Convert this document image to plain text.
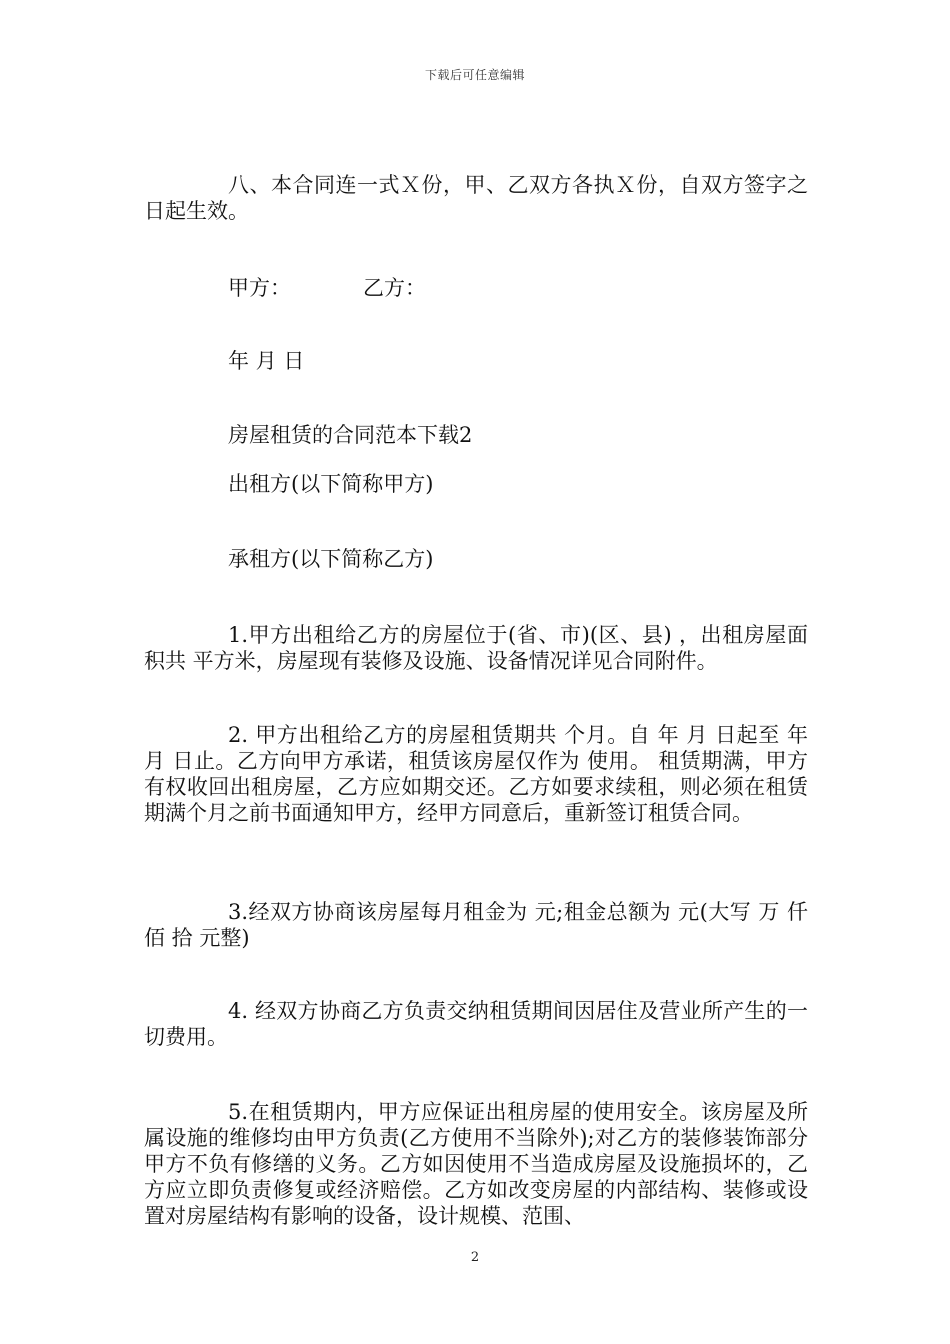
下载后可任意编辑

八、本合同连一式Ｘ份，甲、乙双方各执Ｘ份，自双方签字之日起生效。

甲方：	乙方：
年 月 日
房屋租赁的合同范本下载2
出租方(以下简称甲方)
承租方(以下简称乙方)

1.甲方出租给乙方的房屋位于(省、市)(区、县) ，出租房屋面积共 平方米，房屋现有装修及设施、设备情况详见合同附件。

2. 甲方出租给乙方的房屋租赁期共 个月。自 年 月 日起至 年 月 日止。乙方向甲方承诺，租赁该房屋仅作为 使用。 租赁期满，甲方有权收回出租房屋，乙方应如期交还。乙方如要求续租，则必须在租赁期满个月之前书面通知甲方，经甲方同意后，重新签订租赁合同。

3.经双方协商该房屋每月租金为 元;租金总额为 元(大写 万 仟 佰 拾 元整)

4. 经双方协商乙方负责交纳租赁期间因居住及营业所产生的一切费用。

5.在租赁期内，甲方应保证出租房屋的使用安全。该房屋及所属设施的维修均由甲方负责(乙方使用不当除外);对乙方的装修装饰部分甲方不负有修缮的义务。乙方如因使用不当造成房屋及设施损坏的，乙方应立即负责修复或经济赔偿。乙方如改变房屋的内部结构、装修或设置对房屋结构有影响的设备，设计规模、范围、

2
